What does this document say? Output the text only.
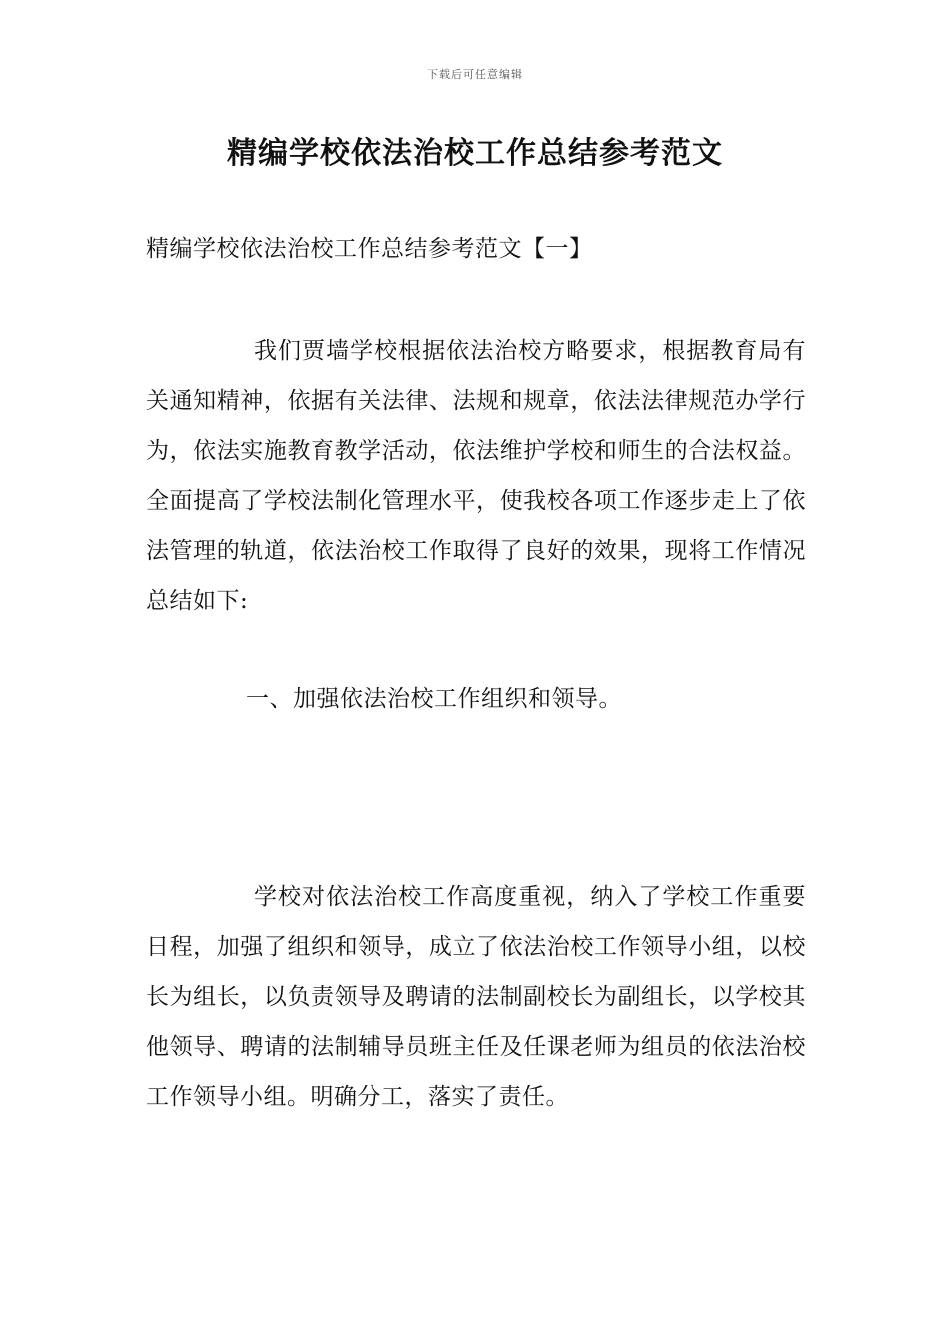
下载后可任意编辑
精编学校依法治校工作总结参考范文

精编学校依法治校工作总结参考范文【一】

我们贾墙学校根据依法治校方略要求，根据教育局有关通知精神，依据有关法律、法规和规章，依法法律规范办学行为，依法实施教育教学活动，依法维护学校和师生的合法权益。全面提高了学校法制化管理水平，使我校各项工作逐步走上了依法管理的轨道，依法治校工作取得了良好的效果，现将工作情况总结如下:

一、加强依法治校工作组织和领导。

学校对依法治校工作高度重视，纳入了学校工作重要日程，加强了组织和领导，成立了依法治校工作领导小组，以校长为组长，以负责领导及聘请的法制副校长为副组长，以学校其他领导、聘请的法制辅导员班主任及任课老师为组员的依法治校工作领导小组。明确分工，落实了责任。
